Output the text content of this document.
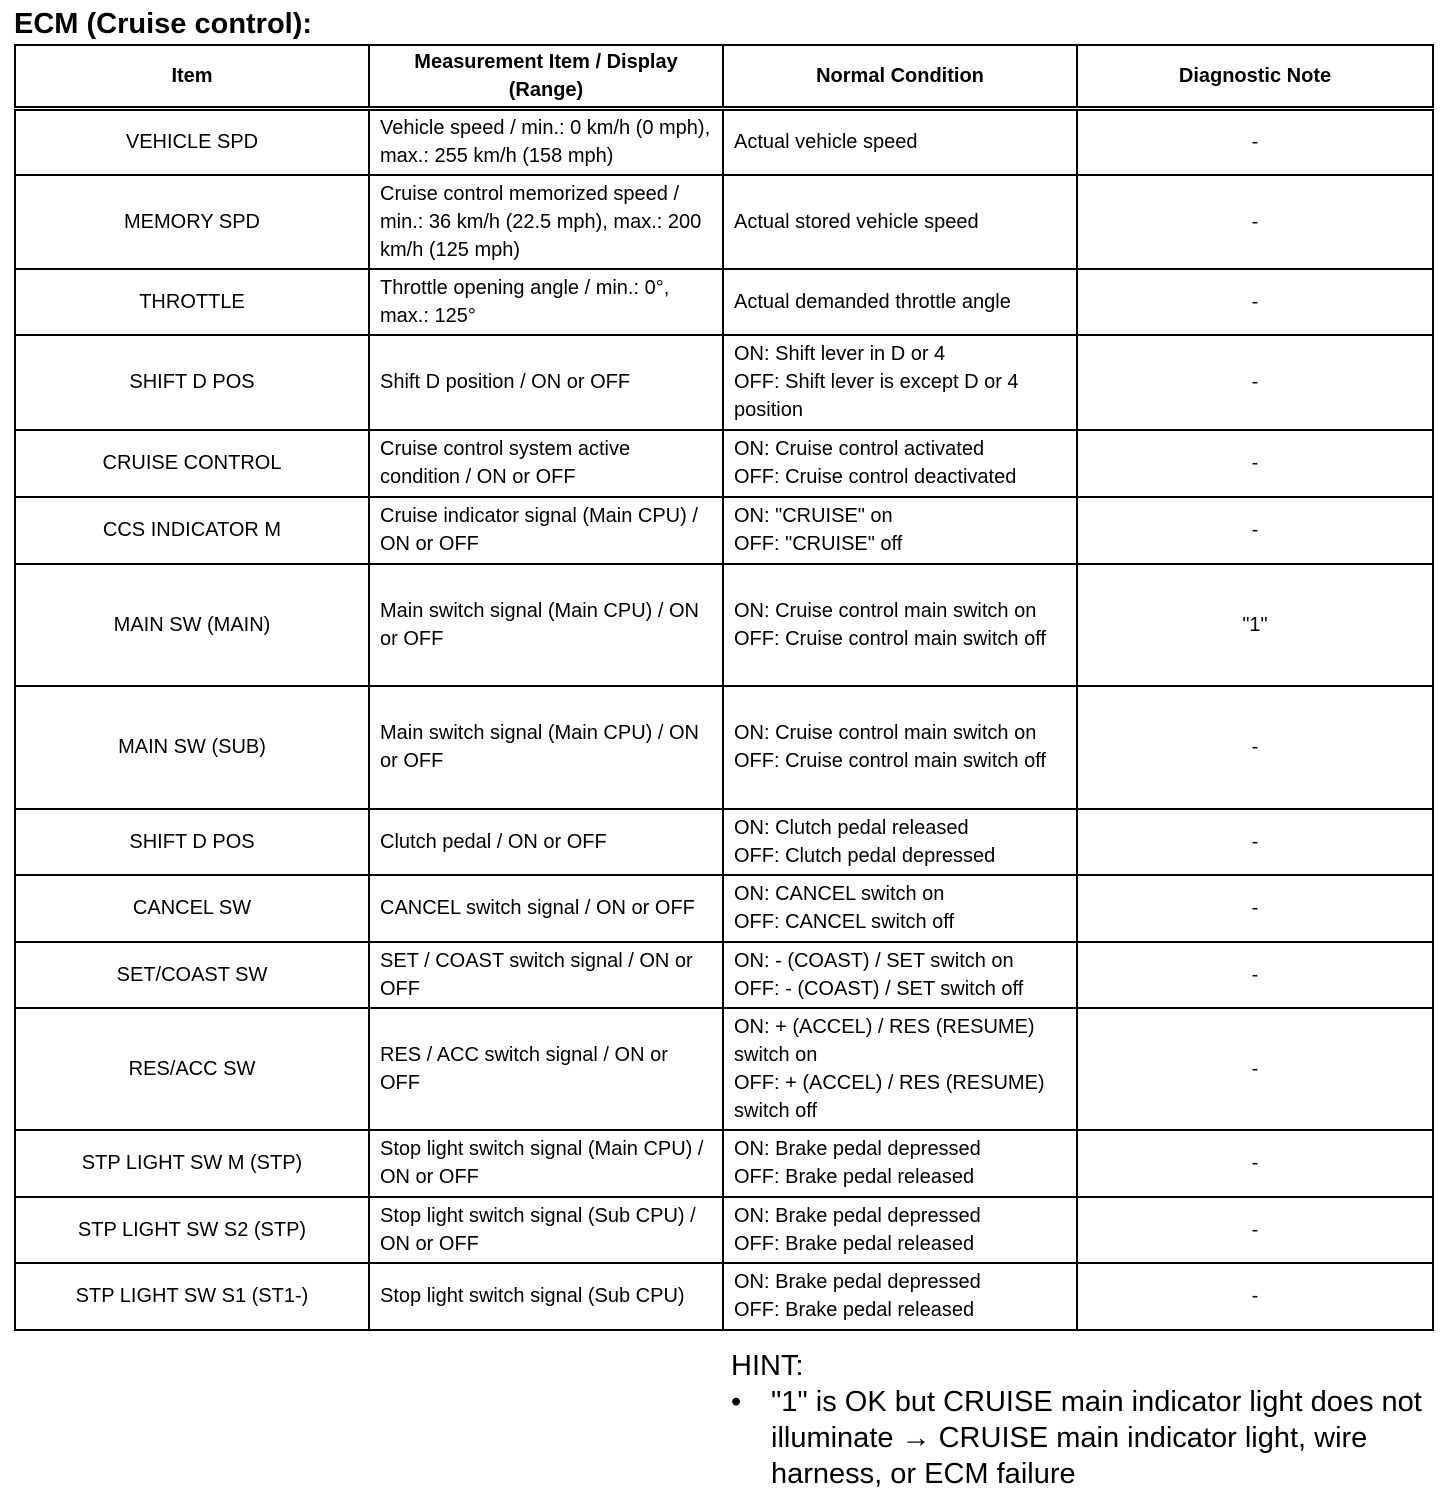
ECM (Cruise control):
Item	Measurement Item / Display (Range)	Normal Condition	Diagnostic Note
VEHICLE SPD	Vehicle speed / min.: 0 km/h (0 mph), max.: 255 km/h (158 mph)	Actual vehicle speed	-
MEMORY SPD	Cruise control memorized speed / min.: 36 km/h (22.5 mph), max.: 200 km/h (125 mph)	Actual stored vehicle speed	-
THROTTLE	Throttle opening angle / min.: 0°, max.: 125°	Actual demanded throttle angle	-
SHIFT D POS	Shift D position / ON or OFF	ON: Shift lever in D or 4
OFF: Shift lever is except D or 4 position	-
CRUISE CONTROL	Cruise control system active condition / ON or OFF	ON: Cruise control activated
OFF: Cruise control deactivated	-
CCS INDICATOR M	Cruise indicator signal (Main CPU) / ON or OFF	ON: "CRUISE" on
OFF: "CRUISE" off	-
MAIN SW (MAIN)	Main switch signal (Main CPU) / ON or OFF	ON: Cruise control main switch on
OFF: Cruise control main switch off	"1"
MAIN SW (SUB)	Main switch signal (Main CPU) / ON or OFF	ON: Cruise control main switch on
OFF: Cruise control main switch off	-
SHIFT D POS	Clutch pedal / ON or OFF	ON: Clutch pedal released
OFF: Clutch pedal depressed	-
CANCEL SW	CANCEL switch signal / ON or OFF	ON: CANCEL switch on
OFF: CANCEL switch off	-
SET/COAST SW	SET / COAST switch signal / ON or OFF	ON: - (COAST) / SET switch on
OFF: - (COAST) / SET switch off	-
RES/ACC SW	RES / ACC switch signal / ON or OFF	ON: + (ACCEL) / RES (RESUME) switch on
OFF: + (ACCEL) / RES (RESUME) switch off	-
STP LIGHT SW M (STP)	Stop light switch signal (Main CPU) / ON or OFF	ON: Brake pedal depressed
OFF: Brake pedal released	-
STP LIGHT SW S2 (STP)	Stop light switch signal (Sub CPU) / ON or OFF	ON: Brake pedal depressed
OFF: Brake pedal released	-
STP LIGHT SW S1 (ST1-)	Stop light switch signal (Sub CPU)	ON: Brake pedal depressed
OFF: Brake pedal released	-
HINT:
• "1" is OK but CRUISE main indicator light does not illuminate → CRUISE main indicator light, wire harness, or ECM failure
